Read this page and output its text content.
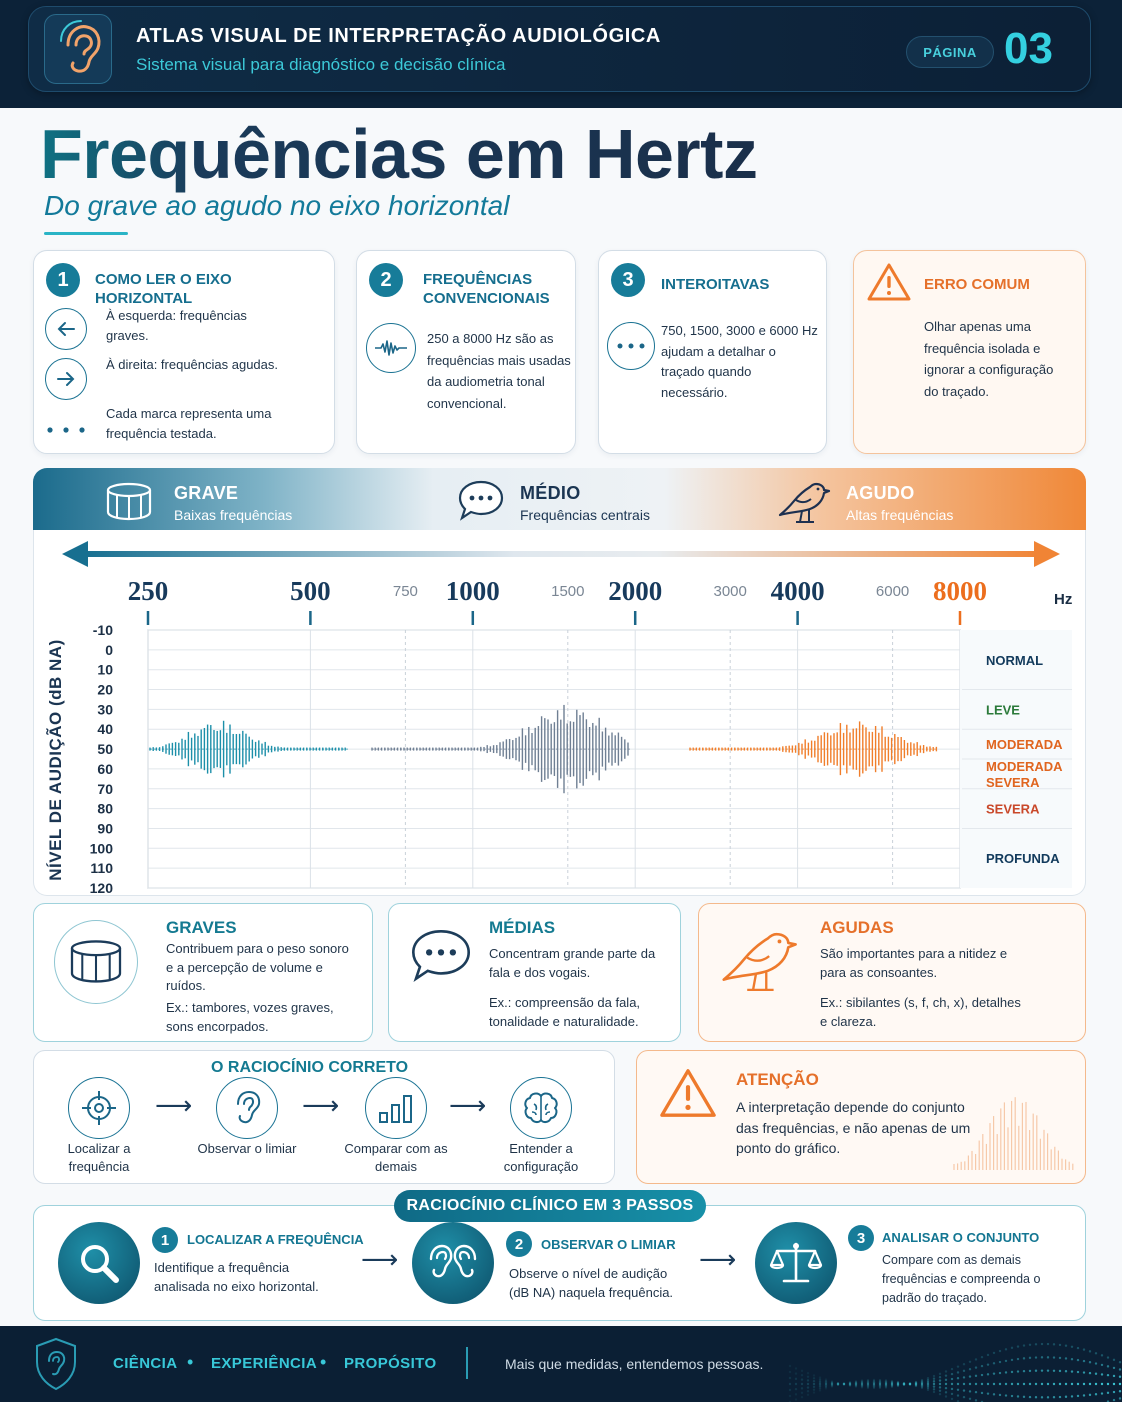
ATLAS VISUAL DE INTERPRETAÇÃO AUDIOLÓGICA
Sistema visual para diagnóstico e decisão clínica
PÁGINA 03
Frequências em Hertz
Do grave ao agudo no eixo horizontal
1	COMO LER O EIXO HORIZONTAL
À esquerda: frequências graves.
À direita: frequências agudas.
Cada marca representa uma frequência testada.
2	FREQUÊNCIAS CONVENCIONAIS
250 a 8000 Hz são as frequências mais usadas da audiometria tonal convencional.
3	INTEROITAVAS
750, 1500, 3000 e 6000 Hz ajudam a detalhar o traçado quando necessário.
ERRO COMUM
Olhar apenas uma frequência isolada e ignorar a configuração do traçado.
GRAVE
Baixas frequências
MÉDIO
Frequências centrais
AGUDO
Altas frequências
250	500	1000	2000	4000	8000
750	1500	3000	6000
-10
0
10
20
30
40
50
60
70
80
90
100
110
120
NORMAL
LEVE
MODERADA
MODERADA SEVERA
SEVERA
PROFUNDA
Hz
NÍVEL DE AUDIÇÃO (dB NA)
GRAVES
Contribuem para o peso sonoro e a percepção de volume e ruídos.
Ex.: tambores, vozes graves, sons encorpados.
MÉDIAS
Concentram grande parte da fala e dos vogais.
Ex.: compreensão da fala, tonalidade e naturalidade.
AGUDAS
São importantes para a nitidez e para as consoantes.
Ex.: sibilantes (s, f, ch, x), detalhes e clareza.
O RACIOCÍNIO CORRETO
Localizar a frequência
⟶
Observar o limiar
⟶
Comparar com as demais
⟶
Entender a configuração
ATENÇÃO
A interpretação depende do conjunto das frequências, e não apenas de um ponto do gráfico.
RACIOCÍNIO CLÍNICO EM 3 PASSOS
1	LOCALIZAR A FREQUÊNCIA
Identifique a frequência analisada no eixo horizontal.
⟶	2	OBSERVAR O LIMIAR
Observe o nível de audição (dB NA) naquela frequência.
⟶
3	ANALISAR O CONJUNTO
Compare com as demais frequências e compreenda o padrão do traçado.
CIÊNCIA • EXPERIÊNCIA • PROPÓSITO	Mais que medidas, entendemos pessoas.
